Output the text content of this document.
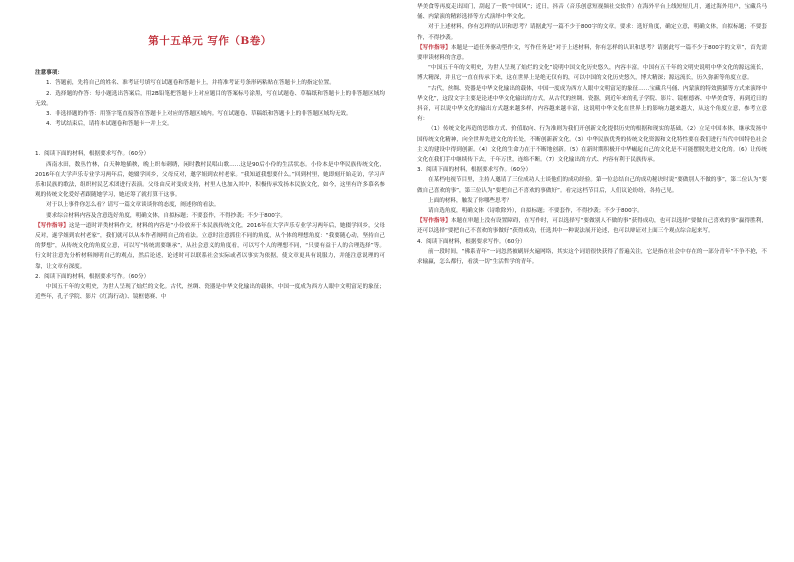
第十五单元 写作（B卷）

注意事项：

1．答题前，先将自己的姓名、准考证号填写在试题卷和答题卡上，并将准考证号条形码粘贴在答题卡上的指定位置。

2．选择题的作答：每小题选出答案后，用2B铅笔把答题卡上对应题目的答案标号涂黑，写在试题卷、草稿纸和答题卡上的非答题区域均无效。

3．非选择题的作答：用签字笔直接答在答题卡上对应的答题区域内。写在试题卷、草稿纸和答题卡上的非答题区域均无效。

4．考试结束后，请将本试题卷和答题卡一并上交。

1．阅读下面的材料，根据要求写作。（60分）

西南水田，数丛竹林，白天种地插秧，晚上织布刺绣，闲时教村民唱山歌……这是90后小伶的生活状态。小伶本是中华民族传统文化，2016年在大学声乐专业学习两年后，她辍学回乡，父母反对，邀学姐到农村老家。“我知道我想要什么。”回到村里，她即刻开始走访，学习声乐和民族的歌法，组织村民艺术团进行表演。父母由反对变成支持，村里人也加入其中，积极传承发扬本民族文化，如今，这里有许多慕名参观的传统文化爱好者跟随她学习，她还筹了就打算干这事。

对于以上事件你怎么看？请写一篇文章谈谈你的态度，阐述你的看法。

要求综合材料内容及含意选好角度，明确文体，自拟标题；不要套作，不得抄袭；不少于800字。

【写作指导】这是一道时评类材料作文，材料的内容是“小伶放弃于本民族传统文化，2016年在大学声乐专业学习两年后，她辍学回乡，父母反对，遂学姐到农村老家”，我们就可以从本作者阐明自己的看法。立意时注意抓住不同的角度，从个体的理想角度：“我要随心动，坚持自己的梦想”，从传统文化的角度立意，可以写“传统需要继承”，从社会意义的角度看，可以写个人的理想不同，“只要有益于人的合理选择”等。行文时注意先分析材料阐明自己的观点，然后论述，论述时可以联系社会实际或者以事实为依据，使文章更具有说服力，并能注意说理的可靠，让文章有深度。

2．阅读下面的材料，根据要求写作。（60分）

中国五千年的文明史，为世人呈现了灿烂的文化。古代，丝绸、瓷器是中华文化输出的载体，中国一度成为西方人眼中文明富足的象征；近些年，孔子学院、影片《红海行动》、镜框德赛、中

华美食等再度走出国门，刮起了一股“中国风”；近日，抖音（音乐创意短视频社交软件）在海外平台上线短短几月，通过海外用户，宝藏兵马俑、内蒙演的精彩选择等方式演绎中华文化。

对于上述材料，你有怎样的认识和思考？请据此写一篇不少于800字的文章。要求：选好角度，确定立意，明确文体，自拟标题；不要套作，不得抄袭。

【写作指导】本题是一道任务驱动型作文，写作任务是“对于上述材料，你有怎样的认识和思考？请据此写一篇不少于800字的文章”，首先需要审读材料的含意。

“中国五千年的文明史，为世人呈现了灿烂的文化”说明中国文化历史悠久，内容丰富。中国有五千年的文明史说明中华文化的源远流长，博大精深，并且它一直在传承下来，这在世界上是绝无仅有的，可以中国的文化历史悠久，博大精深；源远流长，历久弥新等角度立意。

“古代，丝绸、瓷器是中华文化输出的载体，中国一度成为西方人眼中文明富足的象征……宝藏兵马俑、内蒙演的特效熊猫等方式来演绎中华文化”，这段文字主要是论述中华文化输出的方式，从古代的丝绸、瓷器，到近年来的孔子学院、影片、镜框德赛、中华美食等，再到近日的抖音，可以说中华文化的输出方式越来越多样，内容越来越丰富，这说明中华文化在世界上的影响力越来越大，从这个角度立意，参考立意有：

（1）传统文化再造的思维方式、价值取向、行为准则为我们开创新文化提供历史的根据和现实的基础。（2）立足中国本体，继承发扬中国传统文化精神，向全世界先进文化的长处，不断创新新文化。（3）中华民族优秀的传统文化资源和文化特性要在我们进行当代中国特色社会主义的建设中得到创新。（4）文化的生命力在于不断地创新。（5）在新时期积极开中华崛起自己的文化是不可能摆脱先进文化的。（6）让传统文化在我们手中继续传下去，千年万世，连绵不断。（7）文化输出的方式、内容有利于民族传承。

3．阅读下面的材料，根据要求写作。（60分）

在某档电视节目里，主持人邀请了三位成功人士谈他们的成功经验。第一位总结自己的成功秘诀时说“要做别人不做的事”，第二位认为“要做自己喜欢的事”，第三位认为“要把自己不喜欢的事做好”。看完这档节目后，人们议论纷纷，各持己见。

上面的材料，触发了你哪些思考？

请自选角度，明确文体（诗歌除外），自拟标题；不要套作，不得抄袭；不少于800字。

【写作指导】本题在审题上没有设置障碍，在写作时，可以选择写“要做别人不做的事”获得成功，也可以选择“要做自己喜欢的事”赢得胜利，还可以选择“要把自己不喜欢的事做好”获得成功，任选其中一种说法展开论述，也可以辩证对上面三个观点综合起来写。

4．阅读下面材料，根据要求写作。（60分）

前一段时间，“佛系青年”一词忽然被刷屏火遍网络，其实这个词语很快获得了普遍关注，它是指在社会中存在的一部分青年“不争不抢，不求输赢，怎么都行，看淡一切”生活哲学的青年。
